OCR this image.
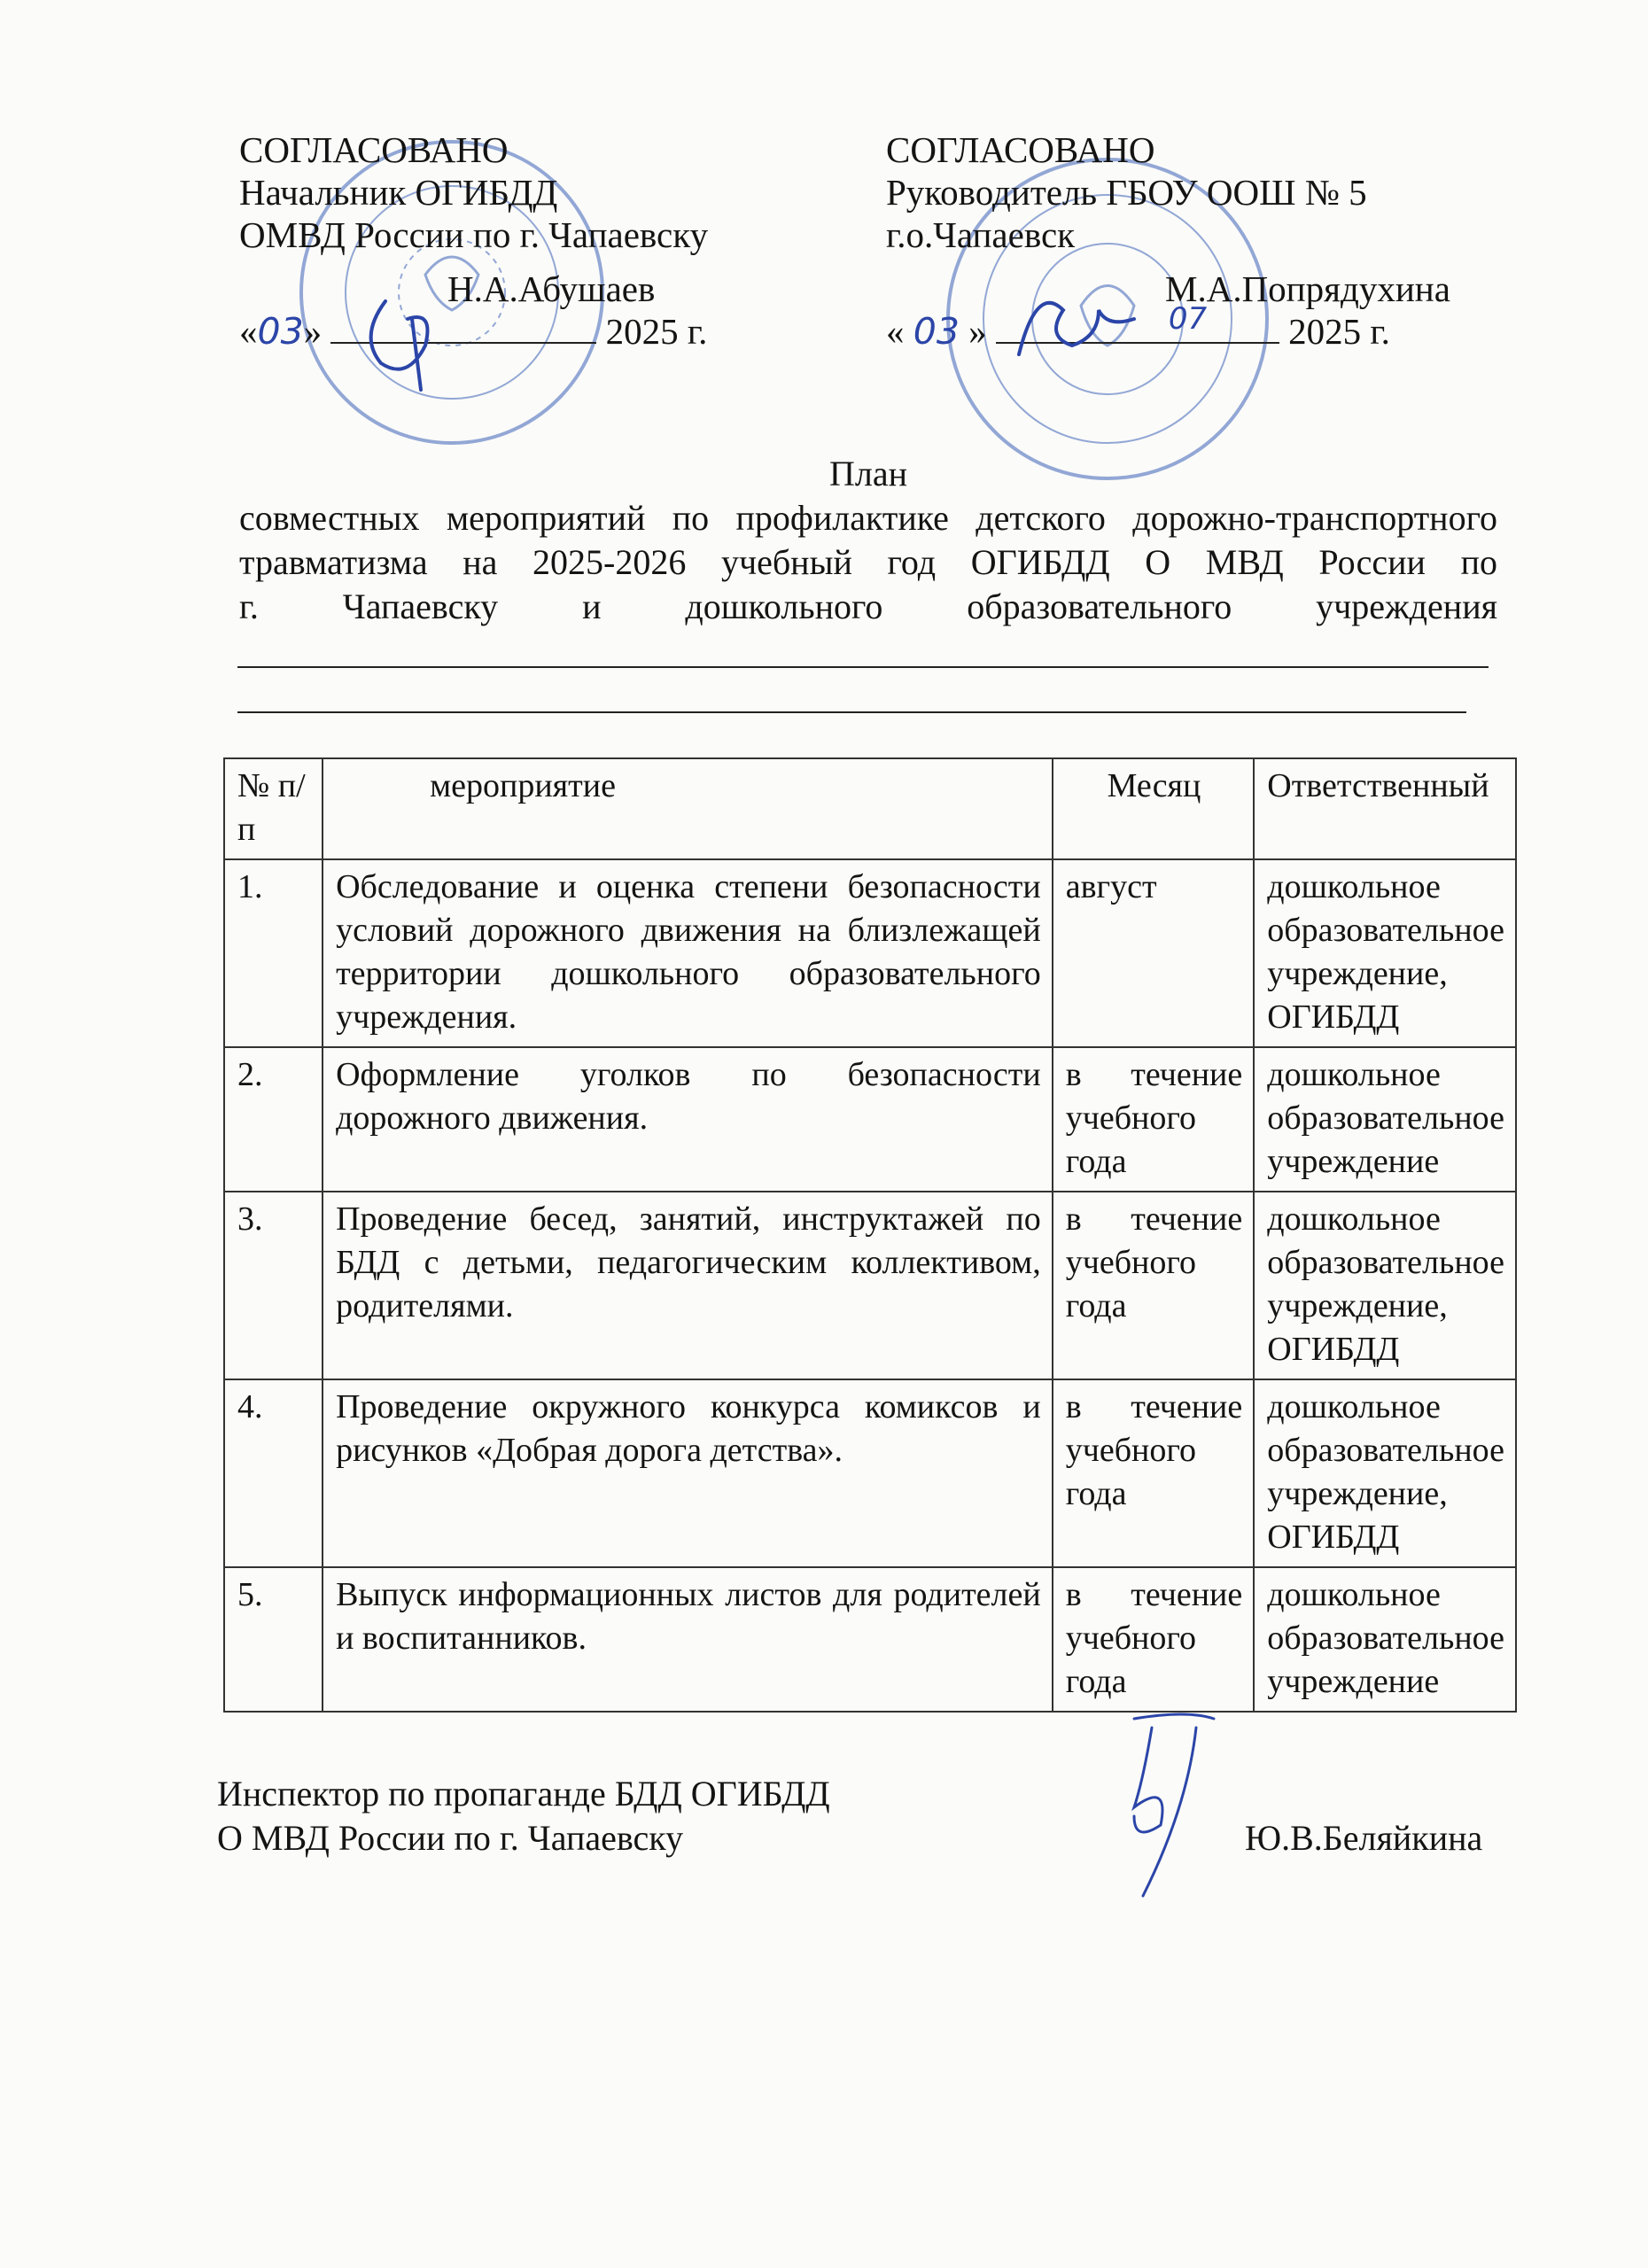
СОГЛАСОВАНО
Начальник ОГИБДД
ОМВД России по г. Чапаевску
Н.А.Абушаев
«03»	2025 г.
СОГЛАСОВАНО
Руководитель ГБОУ ООШ № 5
г.о.Чапаевск
М.А.Попрядухина
« 03 »	07 2025 г.
План
совместных мероприятий по профилактике детского дорожно-транспортного
травматизма на 2025-2026 учебный год ОГИБДД О МВД России по
г. Чапаевску и дошкольного образовательного учреждения
№ п/п	мероприятие	Месяц	Ответственный
1.	Обследование и оценка степени безопасности условий дорожного движения на близлежащей территории дошкольного образовательного учреждения.	август	дошкольное образовательное учреждение, ОГИБДД
2.	Оформление уголков по безопасности дорожного движения.	в течение учебного года	дошкольное образовательное учреждение
3.	Проведение бесед, занятий, инструктажей по БДД с детьми, педагогическим коллективом, родителями.	в течение учебного года	дошкольное образовательное учреждение, ОГИБДД
4.	Проведение окружного конкурса комиксов и рисунков «Добрая дорога детства».	в течение учебного года	дошкольное образовательное учреждение, ОГИБДД
5.	Выпуск информационных листов для родителей и воспитанников.	в течение учебного года	дошкольное образовательное учреждение
Инспектор по пропаганде БДД ОГИБДД
О МВД России по г. Чапаевску	Ю.В.Беляйкина
